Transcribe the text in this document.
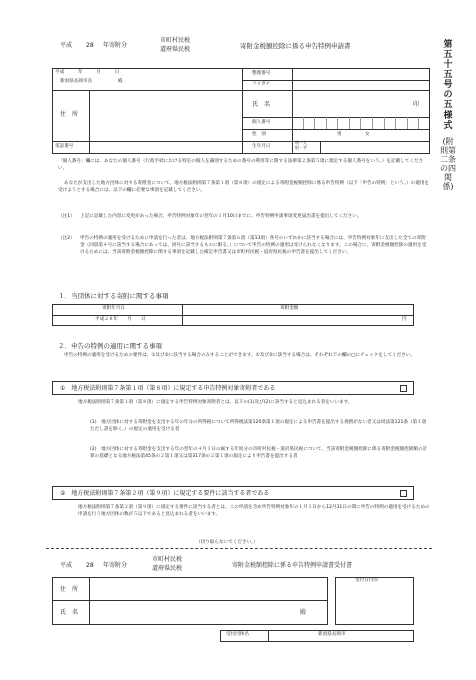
平成 28 年寄附分
市町村民税
道府県民税	寄附金税額控除に係る申告特例申請書	第五十五号の五様式
(附則第二条の四関係)
平成　　　年　　　月　　　日
新潟県長岡市長	殿
住　所
電話番号
整理番号
フリガナ
氏　名	印
個人番号
性　別	男	女
生年月日
明・大
昭・平
「個人番号」欄には、あなたの個人番号（行政手続における特定の個人を識別するための番号の利用等に関する法律第２条第５項に規定する個人番号をいう。）を記載してください。
あなたが支出した地方団体に対する寄附金について、地方税法附則第７条第１項（第８項）の規定による寄附金税額控除に係る申告特例（以下「申告の特例」という。）の適用を受けようとする場合には、以下の欄に必要な事項を記載してください。
（注1） 上記に記載した内容に変更があった場合、申告特例対象年の翌年の１月10日までに、申告特例申請事項変更届出書を提出してください。
（注2） 申告の特例の適用を受けるために申請を行った者は、地方税法附則第７条第６項（第13項）各号のいずれかに該当する場合には、申告特例対象年に支出した全ての寄附金（同項第４号に該当する場合にあっては、同号に該当するものに限る。）について申告の特例の適用は受けられなくなります。この場合に、寄附金税額控除の適用を受けるためには、当該寄附金税額控除に関する事項を記載した確定申告書又は市町村民税・道府県民税の申告書を提出してください。
１．当団体に対する寄附に関する事項
寄附年月日	寄附金額
平成２８年　　月　　日	円
２．申告の特例の適用に関する事項
申告の特例の適用を受けるための要件は、①及び②に該当する場合のみすることができます。①及び②に該当する場合は、それぞれ下の欄の□にチェックをしてください。
①　地方税法附則第７条第１項（第８項）に規定する申告特例対象寄附者である
地方税法附則第７条第１項（第８項）に規定する申告特例対象寄附者とは、以下の(1)及び(2)に該当すると見込まれる者をいいます。
(1)　地方団体に対する寄附金を支出する年の年分の所得税について所得税法第120条第１項の規定による申告書を提出する義務がない者又は同法第121条（第１項ただし書を除く。）の規定の適用を受ける者
(2)　地方団体に対する寄附金を支出する年の翌年の４月１日の属する年度分の市町村民税・道府県民税について、当該寄附金税額控除に係る寄附金税額控除額の計算の基礎となる地方税法第45条の２第１項又は第317条の２第１項の規定により申告書を提出する者
②　地方税法附則第７条第２項（第９項）に規定する要件に該当する者である
地方税法附則第７条第２項（第９項）に規定する要件に該当する者とは、この申請を含め申告特例対象年の１月１日から12月31日の間に申告の特例の適用を受けるための申請を行う地方団体の数が５以下であると見込まれる者をいいます。
（切り取らないでください。）
平成 28 年寄附分
市町村民税
道府県民税	寄附金税額控除に係る申告特例申請書受付書
住　所
氏　名	殿
受付日付印
受付団体名	新潟県長岡市
